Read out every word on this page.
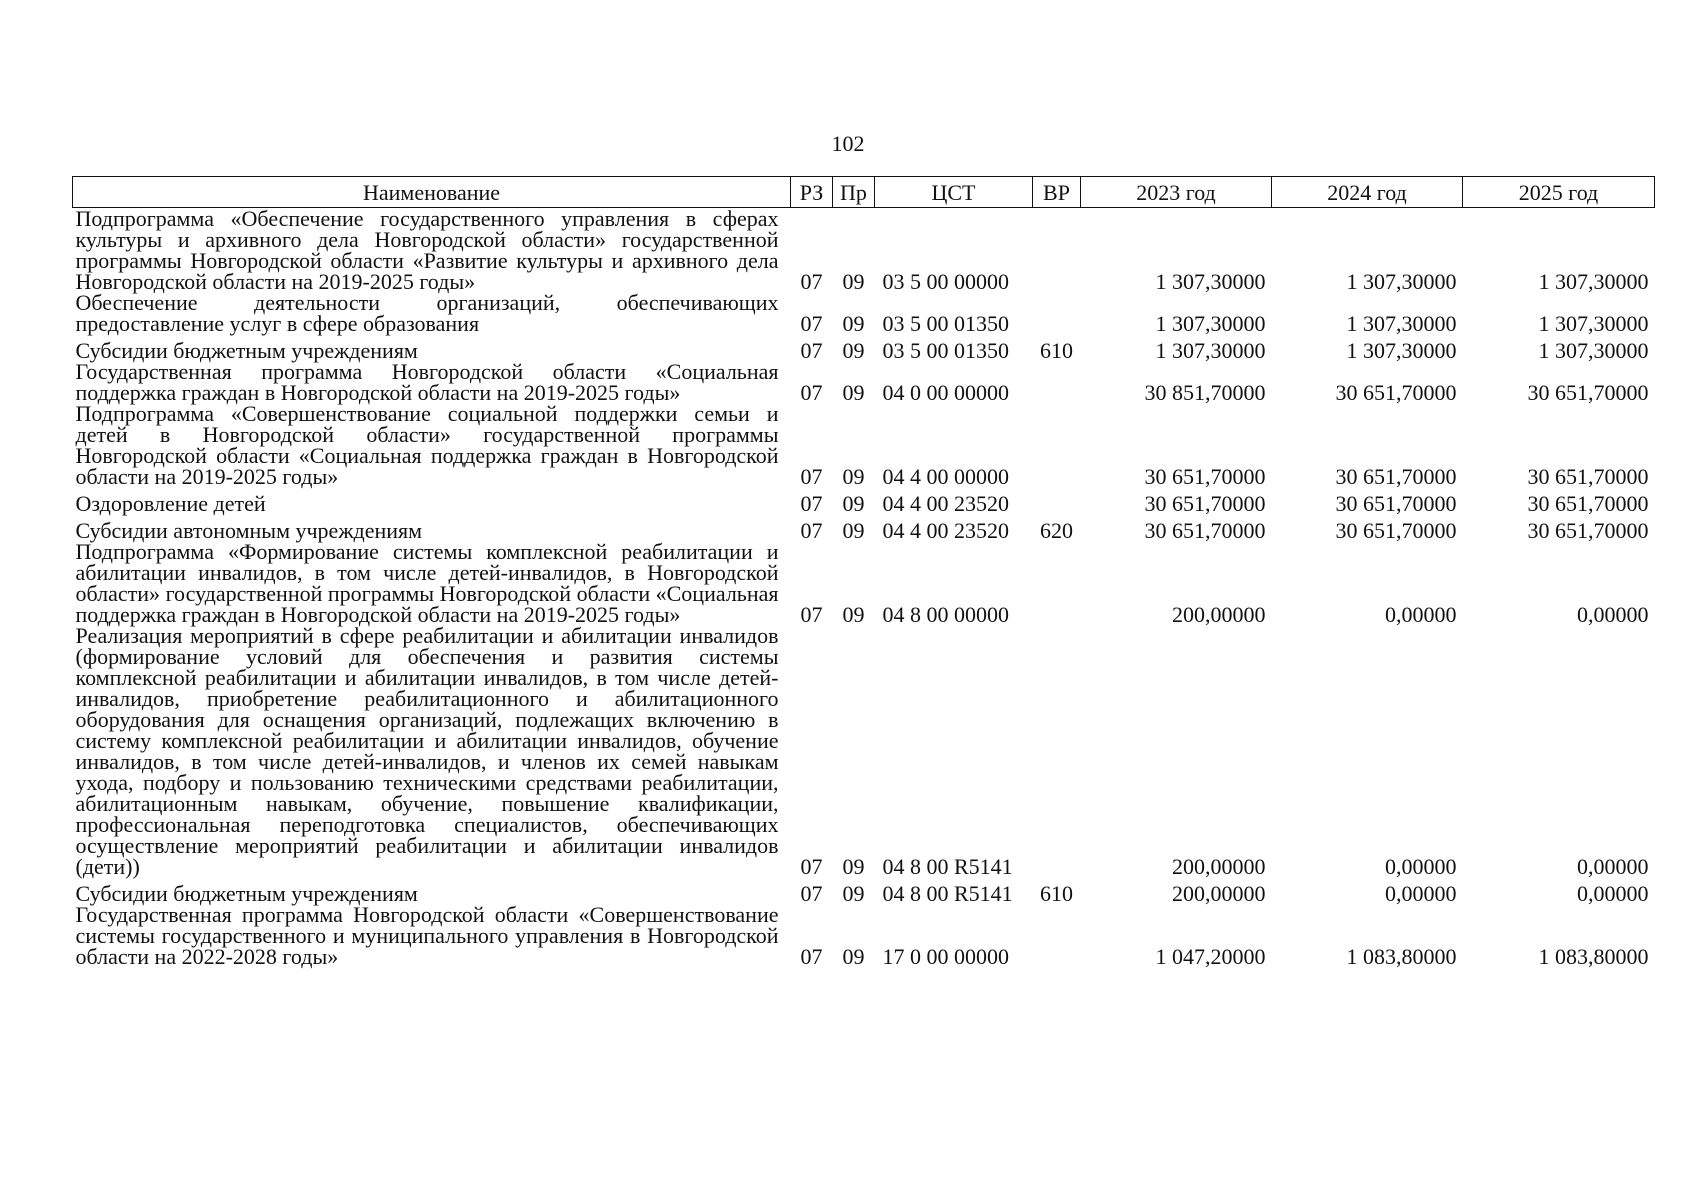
102
Наименование	РЗ	Пр	ЦСТ	ВР	2023 год	2024 год	2025 год
Подпрограмма «Обеспечение государственного управления в сферах культуры и архивного дела Новгородской области» государственной программы Новгородской области «Развитие культуры и архивного дела Новгородской области на 2019-2025 годы»	07	09	03 5 00 00000		1 307,30000	1 307,30000	1 307,30000
Обеспечение деятельности организаций, обеспечивающих предоставление услуг в сфере образования	07	09	03 5 00 01350		1 307,30000	1 307,30000	1 307,30000
Субсидии бюджетным учреждениям	07	09	03 5 00 01350	610	1 307,30000	1 307,30000	1 307,30000
Государственная программа Новгородской области «Социальная поддержка граждан в Новгородской области на 2019-2025 годы»	07	09	04 0 00 00000		30 851,70000	30 651,70000	30 651,70000
Подпрограмма «Совершенствование социальной поддержки семьи и детей в Новгородской области» государственной программы Новгородской области «Социальная поддержка граждан в Новгородской области на 2019-2025 годы»	07	09	04 4 00 00000		30 651,70000	30 651,70000	30 651,70000
Оздоровление детей	07	09	04 4 00 23520		30 651,70000	30 651,70000	30 651,70000
Субсидии автономным учреждениям	07	09	04 4 00 23520	620	30 651,70000	30 651,70000	30 651,70000
Подпрограмма «Формирование системы комплексной реабилитации и абилитации инвалидов, в том числе детей-инвалидов, в Новгородской области» государственной программы Новгородской области «Социальная поддержка граждан в Новгородской области на 2019-2025 годы»	07	09	04 8 00 00000		200,00000	0,00000	0,00000
Реализация мероприятий в сфере реабилитации и абилитации инвалидов (формирование условий для обеспечения и развития системы комплексной реабилитации и абилитации инвалидов, в том числе детей-инвалидов, приобретение реабилитационного и абилитационного оборудования для оснащения организаций, подлежащих включению в систему комплексной реабилитации и абилитации инвалидов, обучение инвалидов, в том числе детей-инвалидов, и членов их семей навыкам ухода, подбору и пользованию техническими средствами реабилитации, абилитационным навыкам, обучение, повышение квалификации, профессиональная переподготовка специалистов, обеспечивающих осуществление мероприятий реабилитации и абилитации инвалидов (дети))	07	09	04 8 00 R5141		200,00000	0,00000	0,00000
Субсидии бюджетным учреждениям	07	09	04 8 00 R5141	610	200,00000	0,00000	0,00000
Государственная программа Новгородской области «Совершенствование системы государственного и муниципального управления в Новгородской области на 2022-2028 годы»	07	09	17 0 00 00000		1 047,20000	1 083,80000	1 083,80000
